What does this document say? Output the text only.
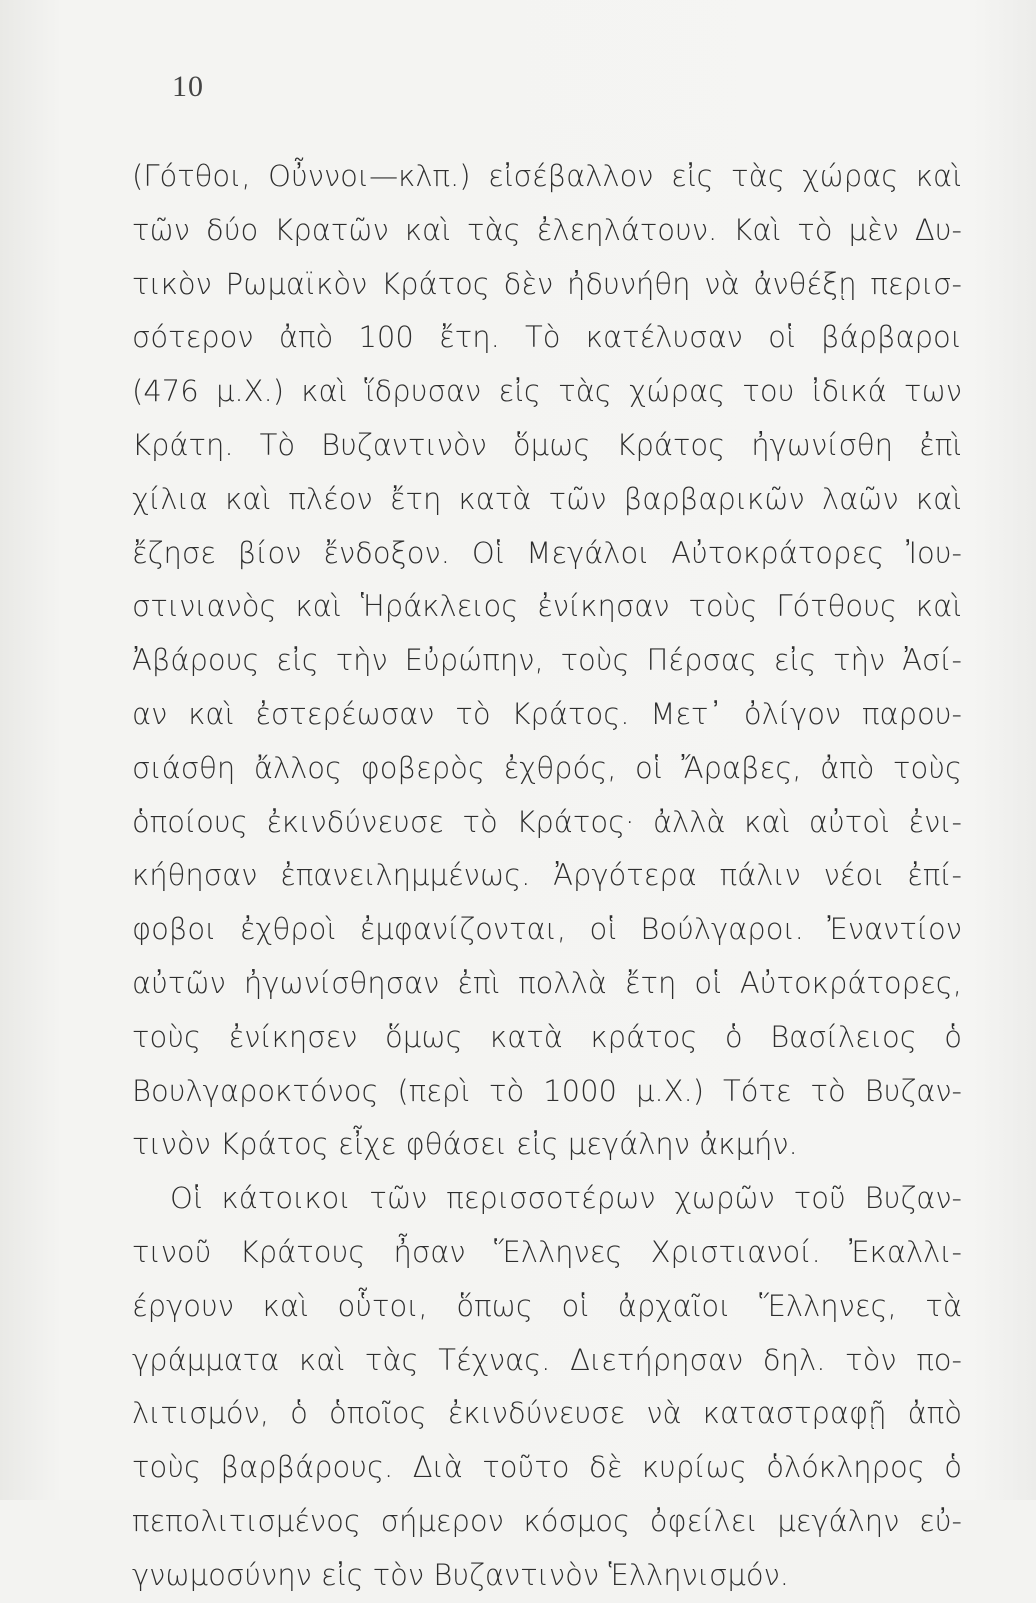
10
(Γότθοι, Οὖννοι—κλπ.) εἰσέβαλλον εἰς τὰς χώρας καὶ
τῶν δύο Κρατῶν καὶ τὰς ἐλεηλάτουν. Καὶ τὸ μὲν Δυ-
τικὸν Ρωμαϊκὸν Κράτος δὲν ἠδυνήθη νὰ ἀνθέξῃ περισ-
σότερον ἀπὸ 100 ἔτη. Τὸ κατέλυσαν οἱ βάρβαροι
(476 μ.Χ.) καὶ ἵδρυσαν εἰς τὰς χώρας του ἰδικά των
Κράτη. Τὸ Βυζαντινὸν ὅμως Κράτος ἠγωνίσθη ἐπὶ
χίλια καὶ πλέον ἔτη κατὰ τῶν βαρβαρικῶν λαῶν καὶ
ἔζησε βίον ἔνδοξον. Οἱ Μεγάλοι Αὐτοκράτορες Ἰου-
στινιανὸς καὶ Ἡράκλειος ἐνίκησαν τοὺς Γότθους καὶ
Ἀβάρους εἰς τὴν Εὐρώπην, τοὺς Πέρσας εἰς τὴν Ἀσί-
αν καὶ ἐστερέωσαν τὸ Κράτος. Μετ᾽ ὀλίγον παρου-
σιάσθη ἄλλος φοβερὸς ἐχθρός, οἱ Ἄραβες, ἀπὸ τοὺς
ὁποίους ἐκινδύνευσε τὸ Κράτος· ἀλλὰ καὶ αὐτοὶ ἐνι-
κήθησαν ἐπανειλημμένως. Ἀργότερα πάλιν νέοι ἐπί-
φοβοι ἐχθροὶ ἐμφανίζονται, οἱ Βούλγαροι. Ἐναντίον
αὐτῶν ἠγωνίσθησαν ἐπὶ πολλὰ ἔτη οἱ Αὐτοκράτορες,
τοὺς ἐνίκησεν ὅμως κατὰ κράτος ὁ Βασίλειος ὁ
Βουλγαροκτόνος (περὶ τὸ 1000 μ.Χ.) Τότε τὸ Βυζαν-
τινὸν Κράτος εἶχε φθάσει εἰς μεγάλην ἀκμήν.
Οἱ κάτοικοι τῶν περισσοτέρων χωρῶν τοῦ Βυζαν-
τινοῦ Κράτους ἦσαν Ἕλληνες Χριστιανοί. Ἐκαλλι-
έργουν καὶ οὗτοι, ὅπως οἱ ἀρχαῖοι Ἕλληνες, τὰ
γράμματα καὶ τὰς Τέχνας. Διετήρησαν δηλ. τὸν πο-
λιτισμόν, ὁ ὁποῖος ἐκινδύνευσε νὰ καταστραφῇ ἀπὸ
τοὺς βαρβάρους. Διὰ τοῦτο δὲ κυρίως ὁλόκληρος ὁ
πεπολιτισμένος σήμερον κόσμος ὀφείλει μεγάλην εὐ-
γνωμοσύνην εἰς τὸν Βυζαντινὸν Ἑλληνισμόν.
